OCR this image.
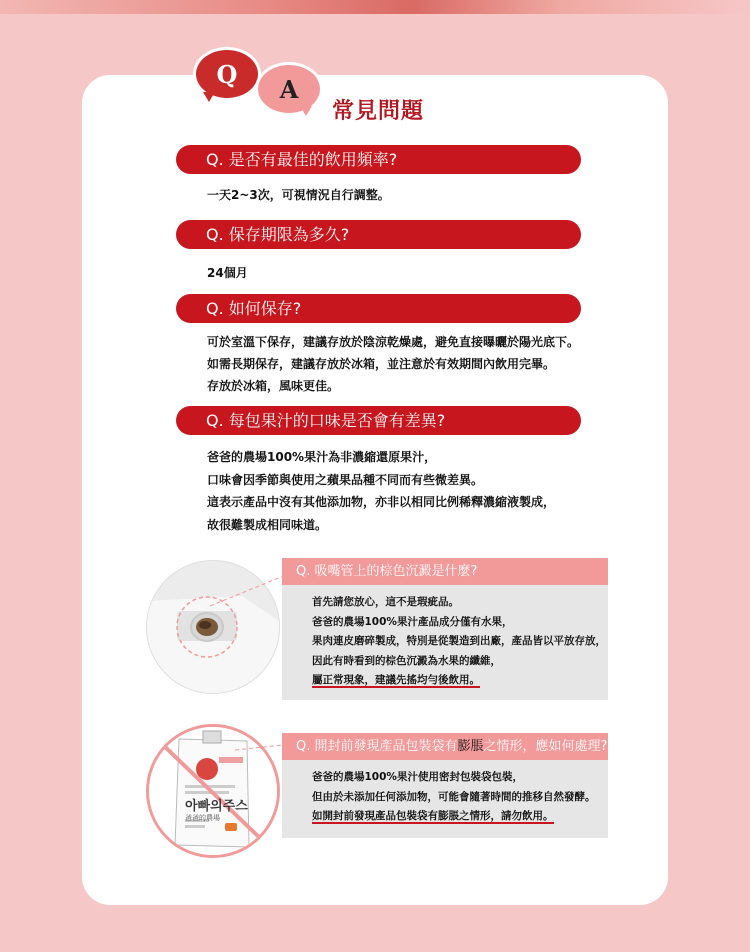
Q
A
常見問題
Q. 是否有最佳的飲用頻率?
一天2~3次，可視情況自行調整。
Q. 保存期限為多久?
24個月
Q. 如何保存?
可於室溫下保存，建議存放於陰涼乾燥處，避免直接曝曬於陽光底下。
如需長期保存，建議存放於冰箱，並注意於有效期間內飲用完畢。
存放於冰箱，風味更佳。
Q. 每包果汁的口味是否會有差異?
爸爸的農場100%果汁為非濃縮還原果汁，
口味會因季節與使用之蘋果品種不同而有些微差異。
這表示產品中沒有其他添加物，亦非以相同比例稀釋濃縮液製成，
故很難製成相同味道。
Q. 吸嘴管上的棕色沉澱是什麼?
首先請您放心，這不是瑕疵品。
爸爸的農場100%果汁產品成分僅有水果，
果肉連皮磨碎製成，特別是從製造到出廠，產品皆以平放存放，
因此有時看到的棕色沉澱為水果的纖維，
屬正常現象，建議先搖均勻後飲用。
아빠의주스
爸爸的農場
Q. 開封前發現產品包裝袋有膨脹之情形，應如何處理?
爸爸的農場100%果汁使用密封包裝袋包裝，
但由於未添加任何添加物，可能會隨著時間的推移自然發酵。
如開封前發現產品包裝袋有膨脹之情形，請勿飲用。
